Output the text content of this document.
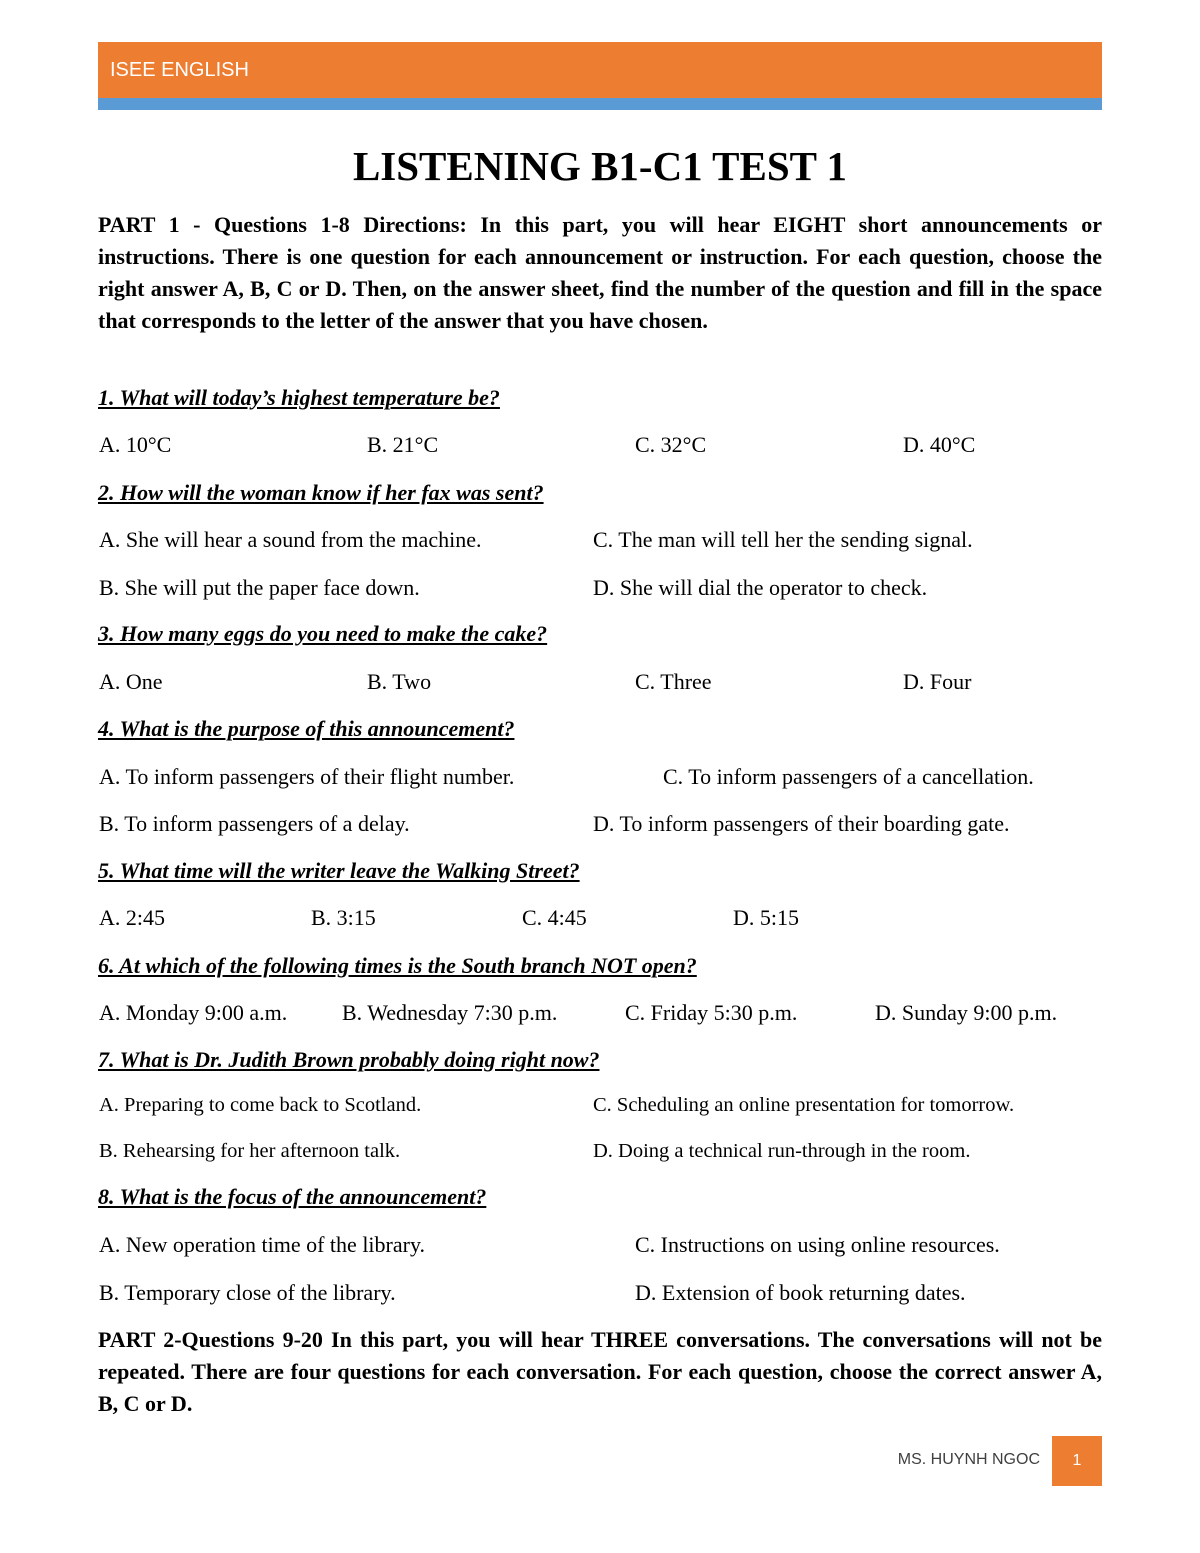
ISEE ENGLISH
LISTENING B1-C1 TEST 1
PART 1 - Questions 1-8 Directions: In this part, you will hear EIGHT short announcements or instructions. There is one question for each announcement or instruction. For each question, choose the right answer A, B, C or D. Then, on the answer sheet, find the number of the question and fill in the space that corresponds to the letter of the answer that you have chosen.
1. What will today’s highest temperature be?
A. 10°C	B. 21°C	C. 32°C	D. 40°C
2. How will the woman know if her fax was sent?
A. She will hear a sound from the machine.	C. The man will tell her the sending signal.
B. She will put the paper face down.	D. She will dial the operator to check.
3. How many eggs do you need to make the cake?
A. One	B. Two	C. Three	D. Four
4. What is the purpose of this announcement?
A. To inform passengers of their flight number.	C. To inform passengers of a cancellation.
B. To inform passengers of a delay.	D. To inform passengers of their boarding gate.
5. What time will the writer leave the Walking Street?
A. 2:45	B. 3:15	C. 4:45	D. 5:15
6. At which of the following times is the South branch NOT open?
A. Monday 9:00 a.m. B. Wednesday 7:30 p.m.	C. Friday 5:30 p.m.	D. Sunday 9:00 p.m.
7. What is Dr. Judith Brown probably doing right now?
A. Preparing to come back to Scotland.	C. Scheduling an online presentation for tomorrow.
B. Rehearsing for her afternoon talk.	D. Doing a technical run-through in the room.
8. What is the focus of the announcement?
A. New operation time of the library.	C. Instructions on using online resources.
B. Temporary close of the library.	D. Extension of book returning dates.
PART 2-Questions 9-20 In this part, you will hear THREE conversations. The conversations will not be repeated. There are four questions for each conversation. For each question, choose the correct answer A, B, C or D.
MS. HUYNH NGOC	1
